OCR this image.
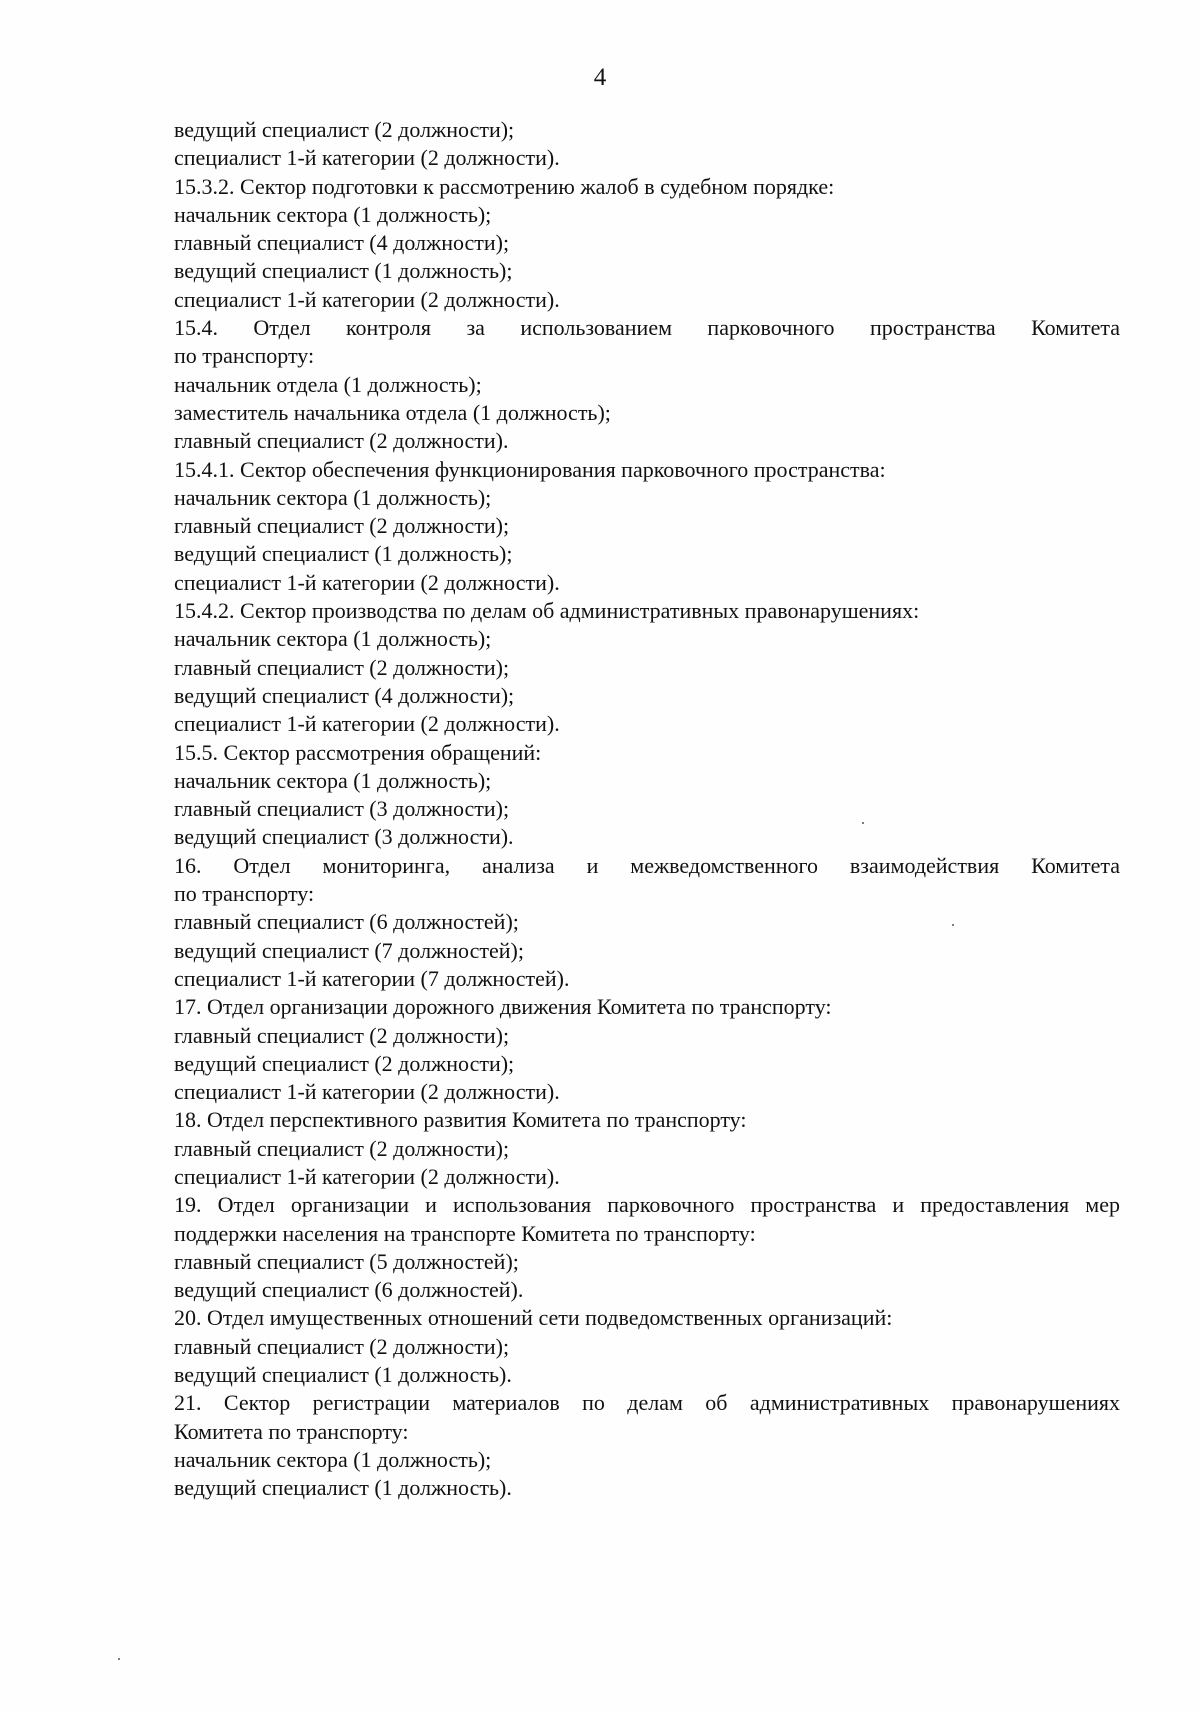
4
ведущий специалист (2 должности);
специалист 1-й категории (2 должности).
15.3.2. Сектор подготовки к рассмотрению жалоб в судебном порядке:
начальник сектора (1 должность);
главный специалист (4 должности);
ведущий специалист (1 должность);
специалист 1-й категории (2 должности).
15.4. Отдел контроля за использованием парковочного пространства Комитета
по транспорту:
начальник отдела (1 должность);
заместитель начальника отдела (1 должность);
главный специалист (2 должности).
15.4.1. Сектор обеспечения функционирования парковочного пространства:
начальник сектора (1 должность);
главный специалист (2 должности);
ведущий специалист (1 должность);
специалист 1-й категории (2 должности).
15.4.2. Сектор производства по делам об административных правонарушениях:
начальник сектора (1 должность);
главный специалист (2 должности);
ведущий специалист (4 должности);
специалист 1-й категории (2 должности).
15.5. Сектор рассмотрения обращений:
начальник сектора (1 должность);
главный специалист (3 должности);
ведущий специалист (3 должности).
16. Отдел мониторинга, анализа и межведомственного взаимодействия Комитета
по транспорту:
главный специалист (6 должностей);
ведущий специалист (7 должностей);
специалист 1-й категории (7 должностей).
17. Отдел организации дорожного движения Комитета по транспорту:
главный специалист (2 должности);
ведущий специалист (2 должности);
специалист 1-й категории (2 должности).
18. Отдел перспективного развития Комитета по транспорту:
главный специалист (2 должности);
специалист 1-й категории (2 должности).
19. Отдел организации и использования парковочного пространства и предоставления мер
поддержки населения на транспорте Комитета по транспорту:
главный специалист (5 должностей);
ведущий специалист (6 должностей).
20. Отдел имущественных отношений сети подведомственных организаций:
главный специалист (2 должности);
ведущий специалист (1 должность).
21. Сектор регистрации материалов по делам об административных правонарушениях
Комитета по транспорту:
начальник сектора (1 должность);
ведущий специалист (1 должность).
